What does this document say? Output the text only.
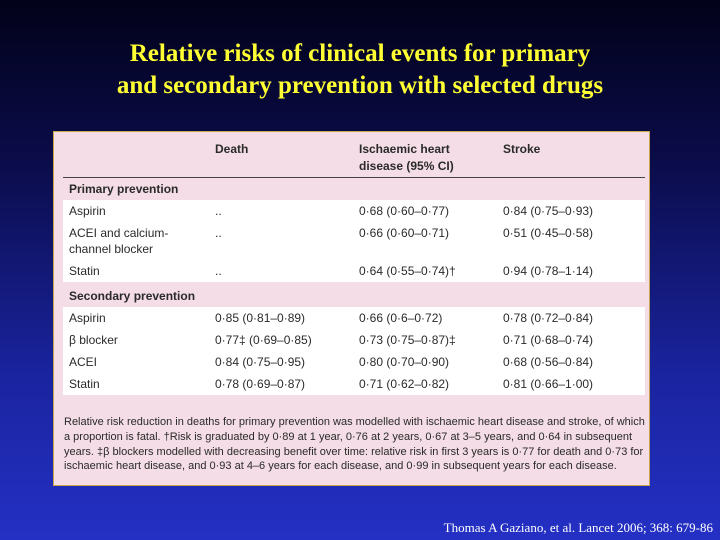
Relative risks of clinical events for primary
and secondary prevention with selected drugs
	Death	Ischaemic heart disease (95% CI)	Stroke
Primary prevention			
Aspirin	..	0·68 (0·60–0·77)	0·84 (0·75–0·93)
ACEI and calcium-channel blocker	..	0·66 (0·60–0·71)	0·51 (0·45–0·58)
Statin	..	0·64 (0·55–0·74)†	0·94 (0·78–1·14)
Secondary prevention			
Aspirin	0·85 (0·81–0·89)	0·66 (0·6–0·72)	0·78 (0·72–0·84)
β blocker	0·77‡ (0·69–0·85)	0·73 (0·75–0·87)‡	0·71 (0·68–0·74)
ACEI	0·84 (0·75–0·95)	0·80 (0·70–0·90)	0·68 (0·56–0·84)
Statin	0·78 (0·69–0·87)	0·71 (0·62–0·82)	0·81 (0·66–1·00)
Relative risk reduction in deaths for primary prevention was modelled with ischaemic heart disease and stroke, of which a proportion is fatal. †Risk is graduated by 0·89 at 1 year, 0·76 at 2 years, 0·67 at 3–5 years, and 0·64 in subsequent years. ‡β blockers modelled with decreasing benefit over time: relative risk in first 3 years is 0·77 for death and 0·73 for ischaemic heart disease, and 0·93 at 4–6 years for each disease, and 0·99 in subsequent years for each disease.
Thomas A Gaziano, et al. Lancet 2006; 368: 679-86
